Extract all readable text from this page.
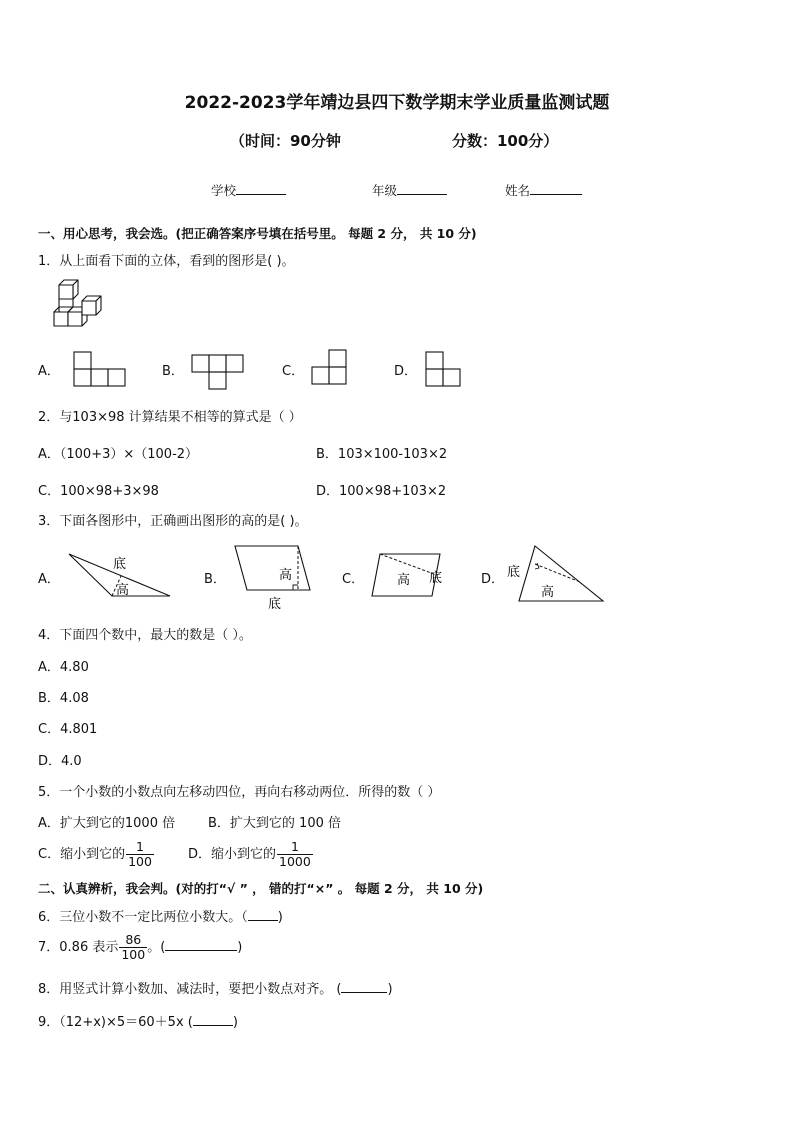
2022-2023学年靖边县四下数学期末学业质量监测试题
（时间：90分钟	分数：100分）
学校	年级	姓名
一、用心思考，我会选。(把正确答案序号填在括号里。 每题 2 分， 共 10 分)
1．从上面看下面的立体，看到的图形是( )。
A．	B．	C．	D．
2．与103×98 计算结果不相等的算式是（ ）
A．（100+3）×（100-2）	B．103×100-103×2
C．100×98+3×98	D．100×98+103×2
3．下面各图形中，正确画出图形的高的是( )。
A．
底
高
B．	高
底
C．	高 底	D． 底
高
4．下面四个数中，最大的数是（ ）。
A．4.80
B．4.08
C．4.801
D．4.0
5．一个小数的小数点向左移动四位，再向右移动两位．所得的数（ ）
A．扩大到它的1000 倍	B．扩大到它的 100 倍
C．缩小到它的 $\frac{1}{100}$	D．缩小到它的 $\frac{1}{1000}$
二、认真辨析，我会判。(对的打“√ ” ， 错的打“×” 。 每题 2 分， 共 10 分)
6．三位小数不一定比两位小数大。（ )
7．0.86 表示 $\frac{86}{100}$ 。(	)
8．用竖式计算小数加、减法时，要把小数点对齐。 (	)
9．（12+x)×5＝60＋5x (	)
